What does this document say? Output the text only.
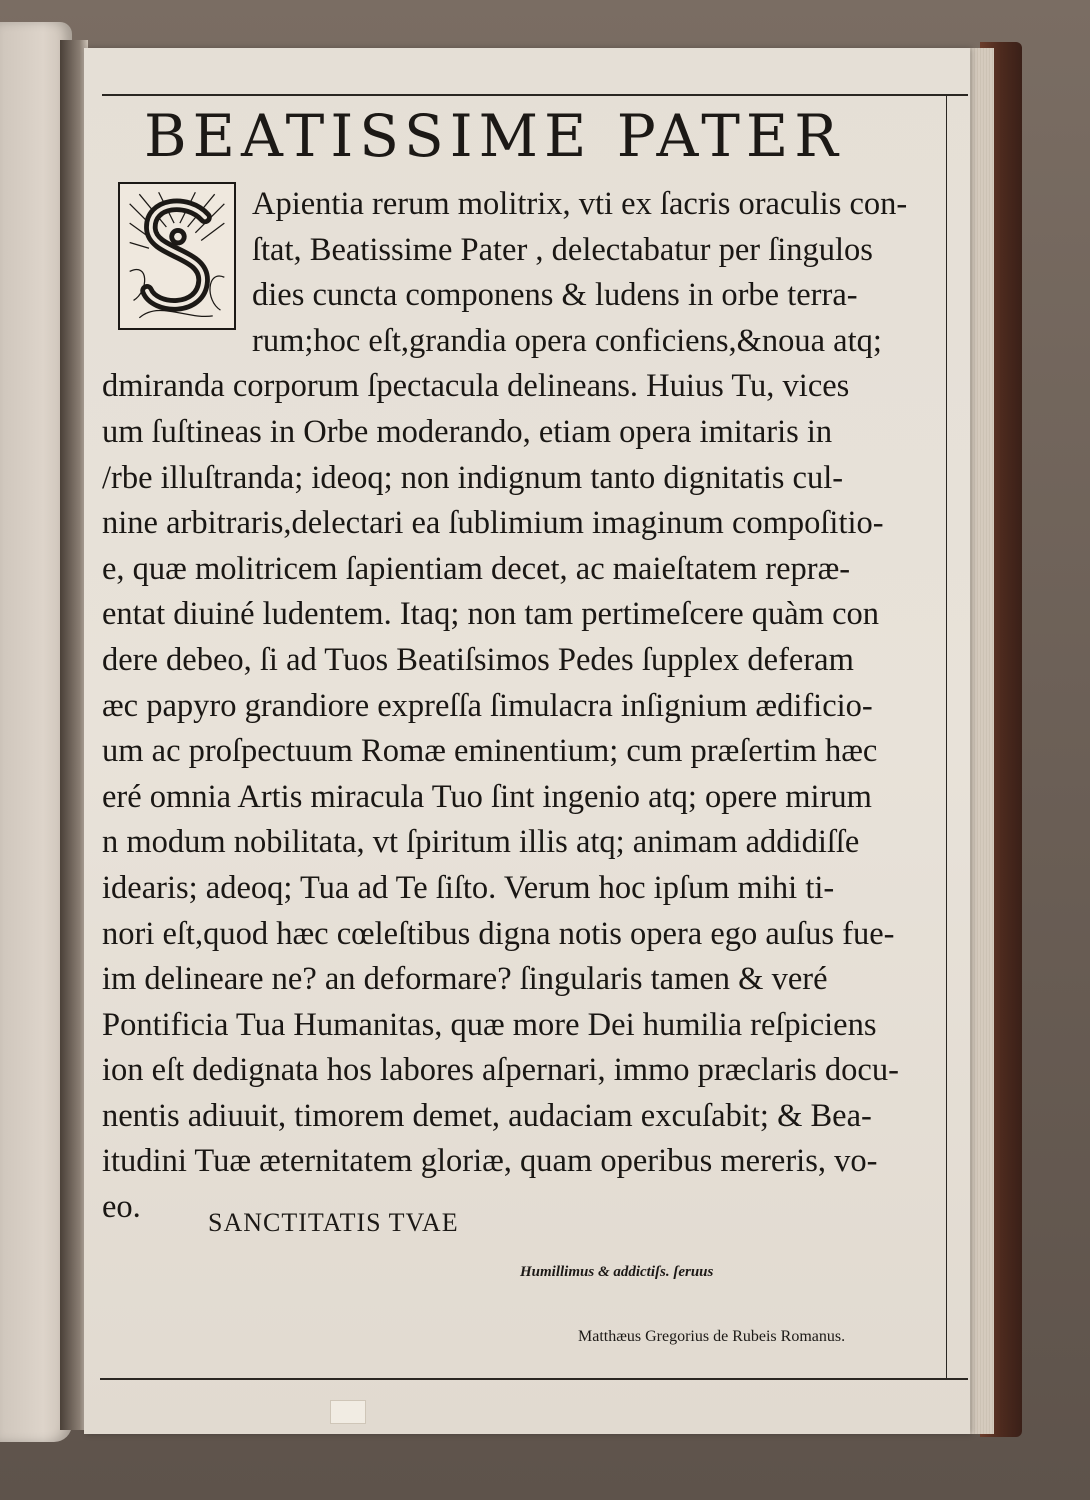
BEATISSIME PATER
Apientia rerum molitrix, vti ex ſacris oraculis con-
ſtat, Beatissime Pater , delectabatur per ſingulos
dies cuncta componens & ludens in orbe terra-
rum;hoc eſt,grandia opera conficiens,&noua atq;
dmiranda corporum ſpectacula delineans. Huius Tu, vices
um ſuſtineas in Orbe moderando, etiam opera imitaris in
/rbe illuſtranda; ideoq; non indignum tanto dignitatis cul-
nine arbitraris,delectari ea ſublimium imaginum compoſitio-
e, quæ molitricem ſapientiam decet, ac maieſtatem repræ-
entat diuiné ludentem. Itaq; non tam pertimeſcere quàm con
dere debeo, ſi ad Tuos Beatiſsimos Pedes ſupplex deferam
æc papyro grandiore expreſſa ſimulacra inſignium ædificio-
um ac proſpectuum Romæ eminentium; cum præſertim hæc
eré omnia Artis miracula Tuo ſint ingenio atq; opere mirum
n modum nobilitata, vt ſpiritum illis atq; animam addidiſſe
idearis; adeoq; Tua ad Te ſiſto. Verum hoc ipſum mihi ti-
nori eſt,quod hæc cœleſtibus digna notis opera ego auſus fue-
im delineare ne? an deformare? ſingularis tamen & veré
Pontificia Tua Humanitas, quæ more Dei humilia reſpiciens
ion eſt dedignata hos labores aſpernari, immo præclaris docu-
nentis adiuuit, timorem demet, audaciam excuſabit; & Bea-
itudini Tuæ æternitatem gloriæ, quam operibus mereris, vo-
eo.	SANCTITATIS TVAE
Humillimus & addictiſs. ſeruus
Matthæus Gregorius de Rubeis Romanus.
